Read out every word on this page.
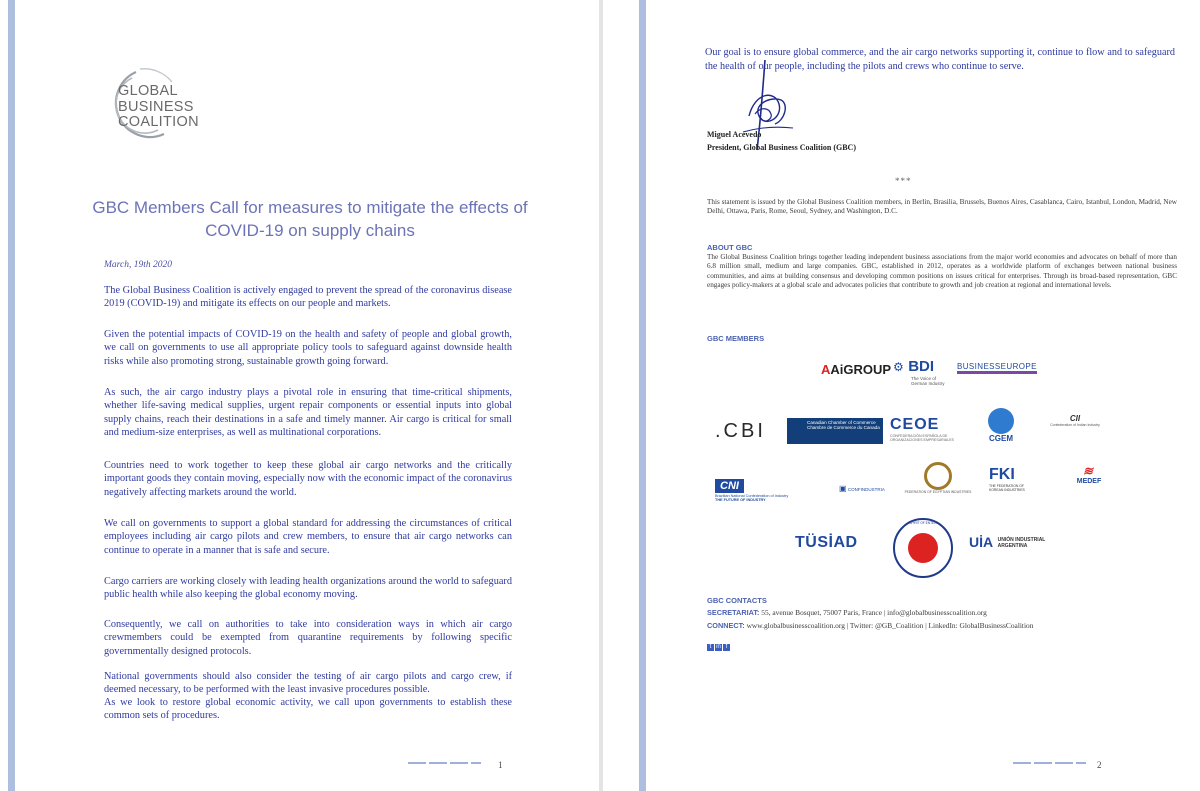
GLOBAL
BUSINESS
COALITION
GBC Members Call for measures to mitigate the effects of
COVID-19 on supply chains
March, 19th 2020

The Global Business Coalition is actively engaged to prevent the spread of the coronavirus disease 2019 (COVID-19) and mitigate its effects on our people and markets.

Given the potential impacts of COVID-19 on the health and safety of people and global growth, we call on governments to use all appropriate policy tools to safeguard against downside health risks while also promoting strong, sustainable growth going forward.

As such, the air cargo industry plays a pivotal role in ensuring that time-critical shipments, whether life-saving medical supplies, urgent repair components or essential inputs into global supply chains, reach their destinations in a safe and timely manner. Air cargo is critical for small and medium-size enterprises, as well as multinational corporations.

Countries need to work together to keep these global air cargo networks and the critically important goods they contain moving, especially now with the economic impact of the coronavirus negatively affecting markets around the world.

We call on governments to support a global standard for addressing the circumstances of critical employees including air cargo pilots and crew members, to ensure that air cargo networks can continue to operate in a manner that is safe and secure.

Cargo carriers are working closely with leading health organizations around the world to safeguard public health while also keeping the global economy moving.

Consequently, we call on authorities to take into consideration ways in which air cargo crewmembers could be exempted from quarantine requirements by following specific governmentally designed protocols.

National governments should also consider the testing of air cargo pilots and cargo crew, if deemed necessary, to be performed with the least invasive procedures possible.

As we look to restore global economic activity, we call upon governments to establish these common sets of procedures.

1

Our goal is to ensure global commerce, and the air cargo networks supporting it, continue to flow and to safeguard the health of our people, including the pilots and crews who continue to serve.

Miguel Acevedo
President, Global Business Coalition (GBC)
***

This statement is issued by the Global Business Coalition members, in Berlin, Brasilia, Brussels, Buenos Aires, Casablanca, Cairo, Istanbul, London, Madrid, New Delhi, Ottawa, Paris, Rome, Seoul, Sydney, and Washington, D.C.

ABOUT GBC

The Global Business Coalition brings together leading independent business associations from the major world economies and advocates on behalf of more than 6.8 million small, medium and large companies. GBC, established in 2012, operates as a worldwide platform of exchanges between national business communities, and aims at building consensus and developing common positions on issues critical for enterprises. Through its broad-based representation, GBC engages policy-makers at a global scale and advocates policies that contribute to growth and job creation at regional and international levels.

GBC MEMBERS
AAiGROUP ⚙ BDI
The Voice of German Industry
BUSINESSEUROPE
.CBI	Canadian Chamber of Commerce
Chambre de Commerce du Canada CEOE
CONFEDERACIÓN ESPAÑOLA DE ORGANIZACIONES EMPRESARIALES	CGEM
CII
Confederation of Indian Industry
CNI
Brazilian National Confederation of Industry
THE FUTURE OF INDUSTRY
▣ CONFINDUSTRIA	FEDERATION OF EGYPTIAN INDUSTRIES
FKI
THE FEDERATION OF KOREAN INDUSTRIES
≋
MEDEF
TÜSİAD
THE SPIRIT OF ENTERPRISE
UİA UNIÓN INDUSTRIAL ARGENTINA
GBC CONTACTS
SECRETARIAT: 55, avenue Bosquet, 75007 Paris, France | info@globalbusinesscoalition.org
CONNECT: www.globalbusinesscoalition.org | Twitter: @GB_Coalition | LinkedIn: GlobalBusinessCoalition
t in f
2
